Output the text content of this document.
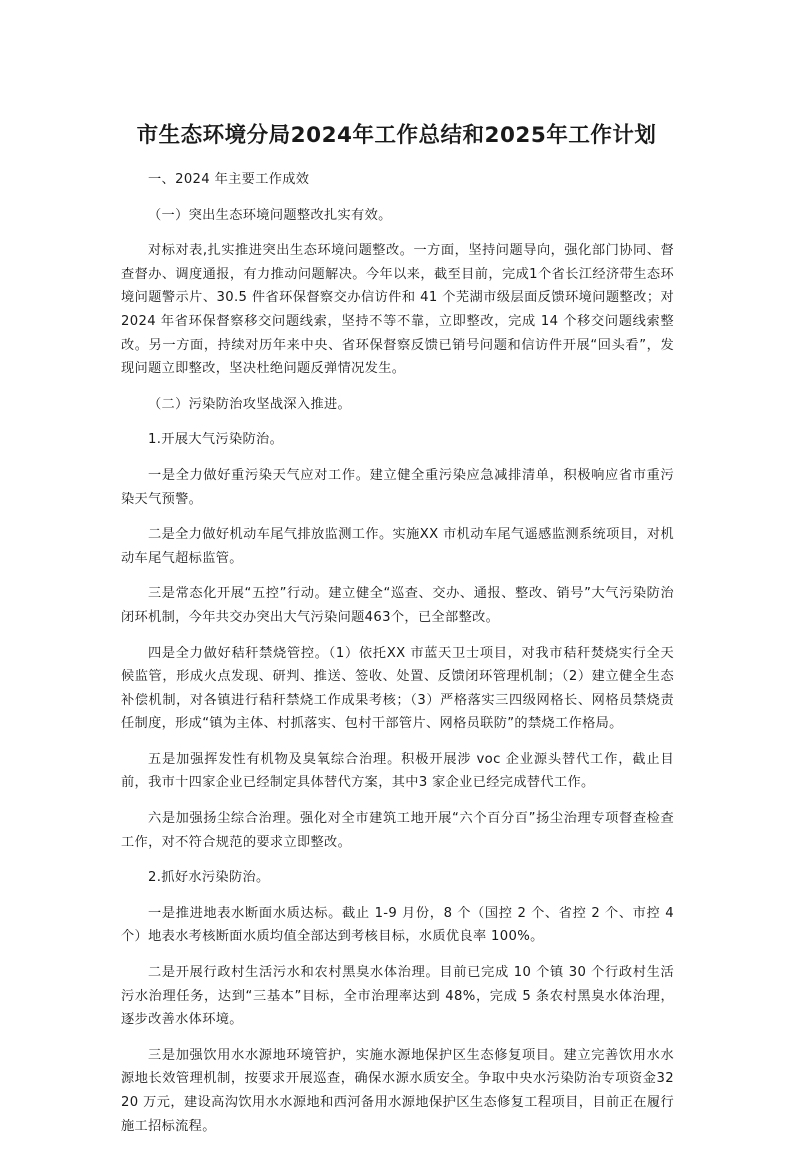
市生态环境分局2024年工作总结和2025年工作计划

一、2024 年主要工作成效

（一）突出生态环境问题整改扎实有效。

对标对表,扎实推进突出生态环境问题整改。一方面，坚持问题导向，强化部门协同、督查督办、调度通报，有力推动问题解决。今年以来，截至目前，完成1个省长江经济带生态环境问题警示片、30.5 件省环保督察交办信访件和 41 个芜湖市级层面反馈环境问题整改；对2024 年省环保督察移交问题线索，坚持不等不靠，立即整改，完成 14 个移交问题线索整改。另一方面，持续对历年来中央、省环保督察反馈已销号问题和信访件开展“回头看”，发现问题立即整改，坚决杜绝问题反弹情况发生。

（二）污染防治攻坚战深入推进。

1.开展大气污染防治。

一是全力做好重污染天气应对工作。建立健全重污染应急减排清单，积极响应省市重污染天气预警。

二是全力做好机动车尾气排放监测工作。实施XX 市机动车尾气遥感监测系统项目，对机动车尾气超标监管。

三是常态化开展“五控”行动。建立健全“巡查、交办、通报、整改、销号”大气污染防治闭环机制，今年共交办突出大气污染问题463个，已全部整改。

四是全力做好秸秆禁烧管控。（1）依托XX 市蓝天卫士项目，对我市秸秆焚烧实行全天候监管，形成火点发现、研判、推送、签收、处置、反馈闭环管理机制；（2）建立健全生态补偿机制，对各镇进行秸秆禁烧工作成果考核；（3）严格落实三四级网格长、网格员禁烧责任制度，形成“镇为主体、村抓落实、包村干部管片、网格员联防”的禁烧工作格局。

五是加强挥发性有机物及臭氧综合治理。积极开展涉 voc 企业源头替代工作，截止目前，我市十四家企业已经制定具体替代方案，其中3 家企业已经完成替代工作。

六是加强扬尘综合治理。强化对全市建筑工地开展“六个百分百”扬尘治理专项督查检查工作，对不符合规范的要求立即整改。

2.抓好水污染防治。

一是推进地表水断面水质达标。截止 1-9 月份，8 个（国控 2 个、省控 2 个、市控 4 个）地表水考核断面水质均值全部达到考核目标，水质优良率 100%。

二是开展行政村生活污水和农村黑臭水体治理。目前已完成 10 个镇 30 个行政村生活污水治理任务，达到“三基本”目标，全市治理率达到 48%，完成 5 条农村黑臭水体治理，逐步改善水体环境。

三是加强饮用水水源地环境管护，实施水源地保护区生态修复项目。建立完善饮用水水源地长效管理机制，按要求开展巡查，确保水源水质安全。争取中央水污染防治专项资金3220 万元，建设高沟饮用水水源地和西河备用水源地保护区生态修复工程项目，目前正在履行施工招标流程。
